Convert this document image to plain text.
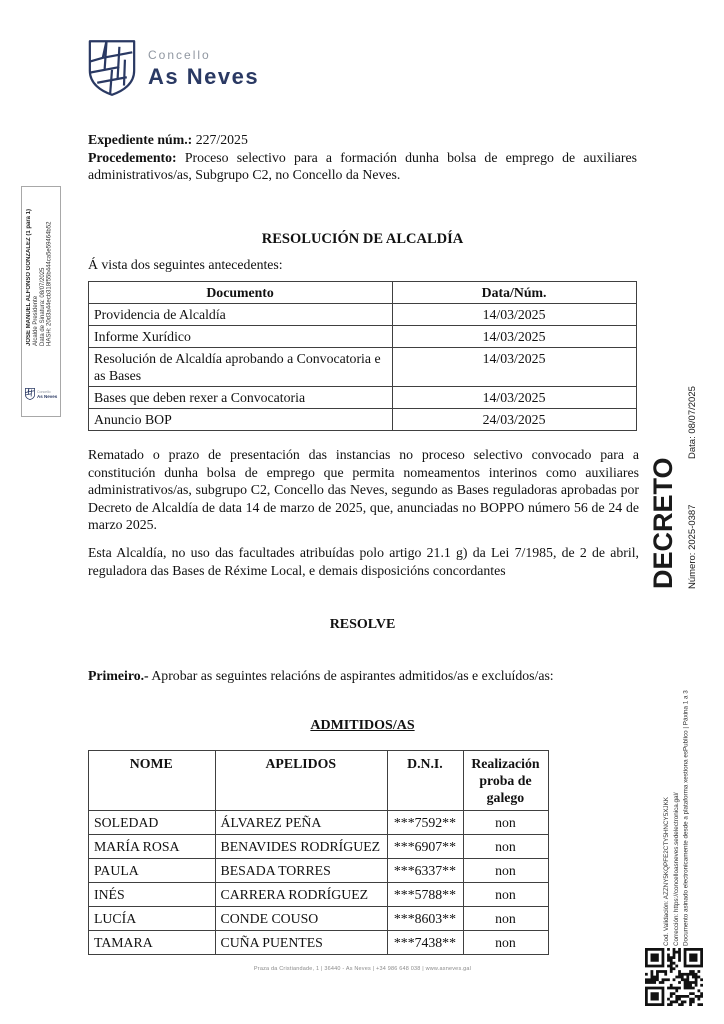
Concello
As Neves
JOSE MANUEL ALFONSO GONZALEZ (1 para 1) Alcalde Presidente Data de Sinatura: 08/07/2025 HASH: 20d3a44ecb318f55b444ca5e59464b52
Concello
As Neves
Expediente núm.: 227/2025
Procedemento: Proceso selectivo para a formación dunha bolsa de emprego de auxiliares administrativos/as, Subgrupo C2, no Concello da Neves.
RESOLUCIÓN DE ALCALDÍA
Á vista dos seguintes antecedentes:
Documento	Data/Núm.
Providencia de Alcaldía	14/03/2025
Informe Xurídico	14/03/2025
Resolución de Alcaldía aprobando a Convocatoria e as Bases	14/03/2025
Bases que deben rexer a Convocatoria	14/03/2025
Anuncio BOP	24/03/2025
Rematado o prazo de presentación das instancias no proceso selectivo convocado para a constitución dunha bolsa de emprego que permita nomeamentos interinos como auxiliares administrativos/as, subgrupo C2, Concello das Neves, segundo as Bases reguladoras aprobadas por Decreto de Alcaldía de data 14 de marzo de 2025, que, anunciadas no BOPPO número 56 de 24 de marzo 2025.
Esta Alcaldía, no uso das facultades atribuídas polo artigo 21.1 g) da Lei 7/1985, de 2 de abril, reguladora das Bases de Réxime Local, e demais disposicións concordantes
RESOLVE
Primeiro.- Aprobar as seguintes relacións de aspirantes admitidos/as e excluídos/as:
ADMITIDOS/AS
NOME	APELIDOS	D.N.I.	Realización proba de galego
SOLEDAD	ÁLVAREZ PEÑA	***7592**	non
MARÍA ROSA	BENAVIDES RODRÍGUEZ	***6907**	non
PAULA	BESADA TORRES	***6337**	non
INÉS	CARRERA RODRÍGUEZ	***5788**	non
LUCÍA	CONDE COUSO	***8603**	non
TAMARA	CUÑA PUENTES	***7438**	non
DECRETO Número: 2025-0387
Data: 08/07/2025
Cod. Validación: AZZNY5KQPFE2CTY5HNCY5XJKK Corrección: https://concelloasneves.sedelectronica.gal/ Documento asinado electronicamente desde a plataforma xestiona esPublico | Páxina 1 a 3
Praza da Cristiandade, 1 | 36440 - As Neves | +34 986 648 038 | www.asneves.gal
